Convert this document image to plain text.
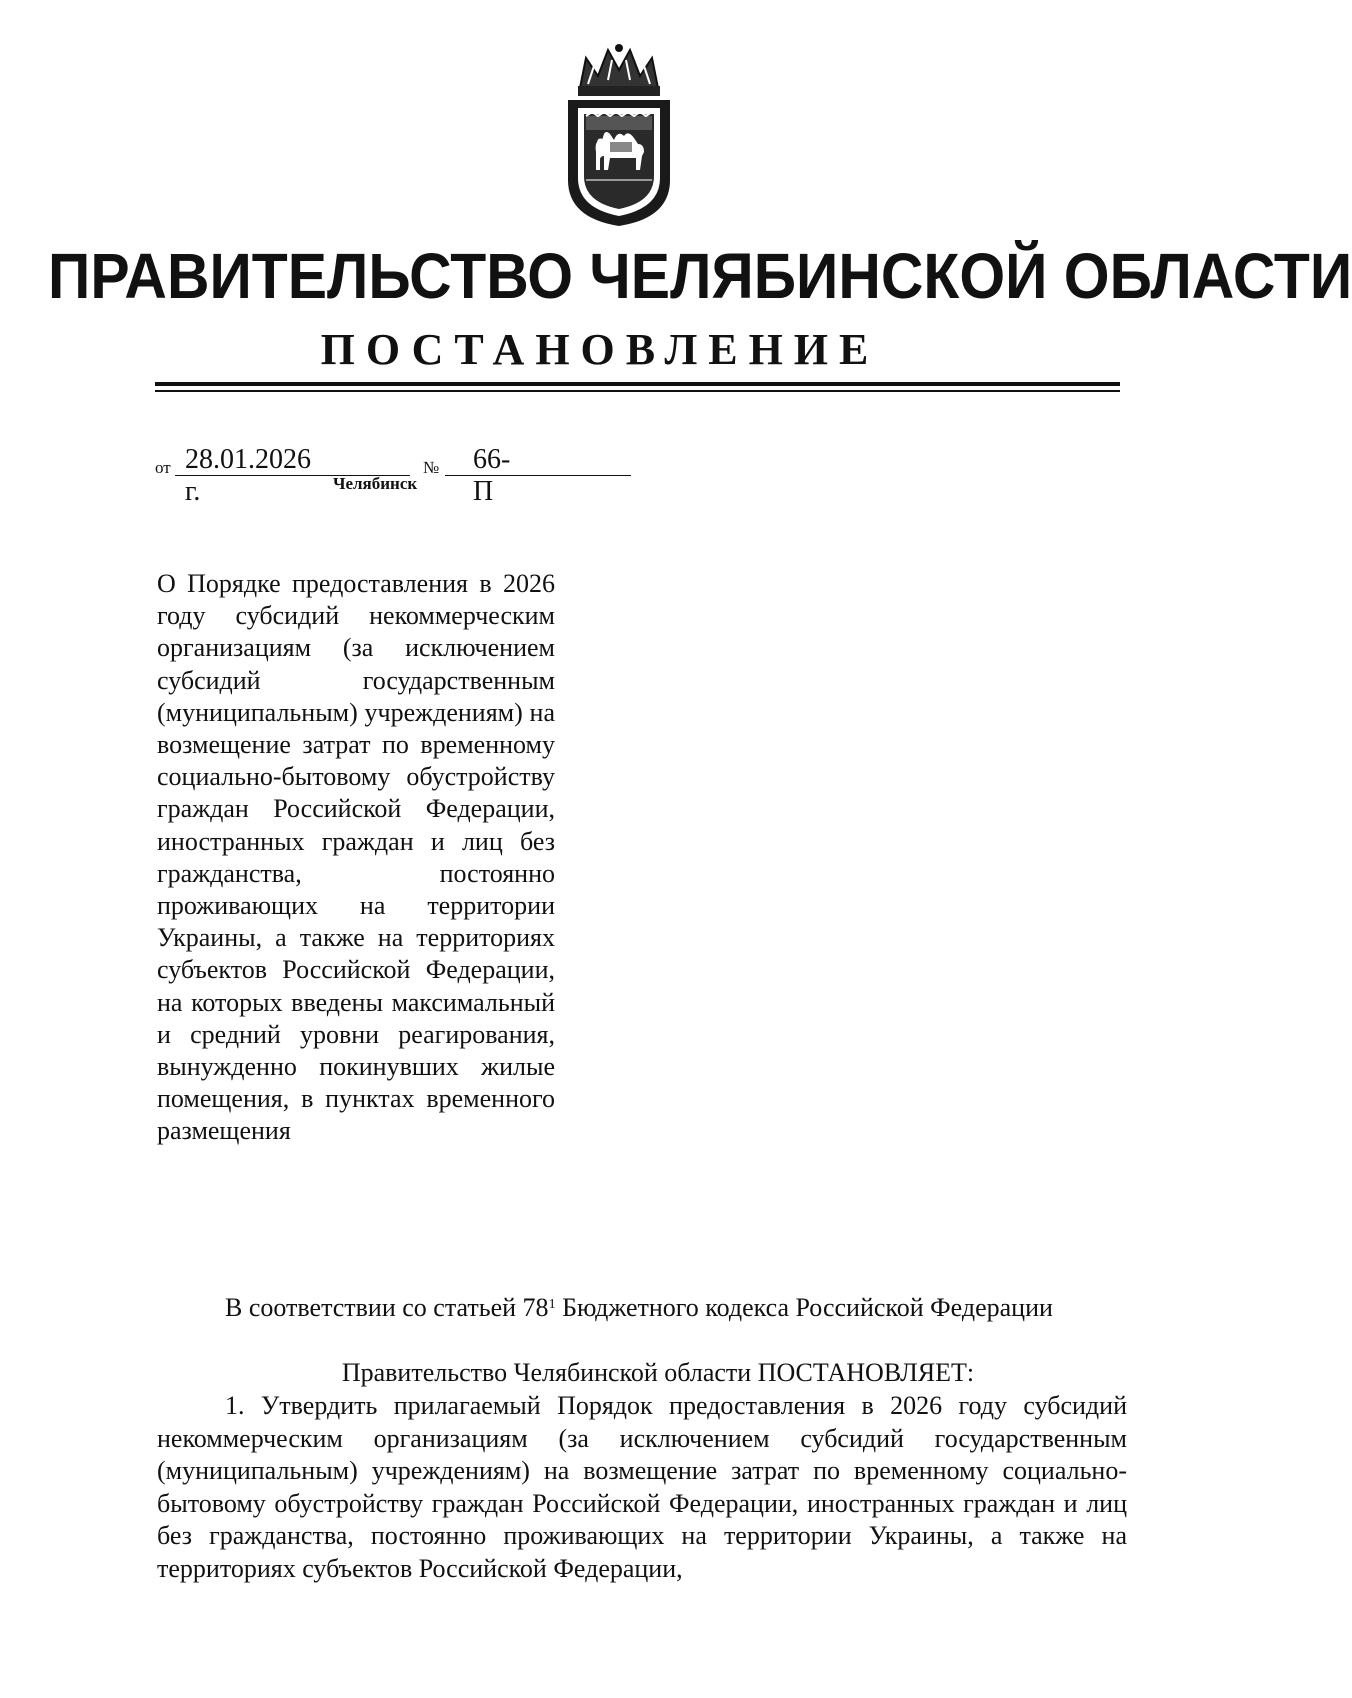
ПРАВИТЕЛЬСТВО ЧЕЛЯБИНСКОЙ ОБЛАСТИ
ПОСТАНОВЛЕНИЕ
от 28.01.2026 г.
№ 66-П
Челябинск
О Порядке предоставления в 2026 году субсидий некоммерческим организациям (за исключением субсидий государственным (муниципальным) учреждениям) на возмещение затрат по временному социально-бытовому обустройству граждан Российской Федерации, иностранных граждан и лиц без гражданства, постоянно проживающих на территории Украины, а также на территориях субъектов Российской Федерации, на которых введены максимальный и средний уровни реагирования, вынужденно покинувших жилые помещения, в пунктах временного размещения
В соответствии со статьей $78^1$ Бюджетного кодекса Российской Федерации
Правительство Челябинской области ПОСТАНОВЛЯЕТ:
1. Утвердить прилагаемый Порядок предоставления в 2026 году субсидий некоммерческим организациям (за исключением субсидий государственным (муниципальным) учреждениям) на возмещение затрат по временному социально-бытовому обустройству граждан Российской Федерации, иностранных граждан и лиц без гражданства, постоянно проживающих на территории Украины, а также на территориях субъектов Российской Федерации,
